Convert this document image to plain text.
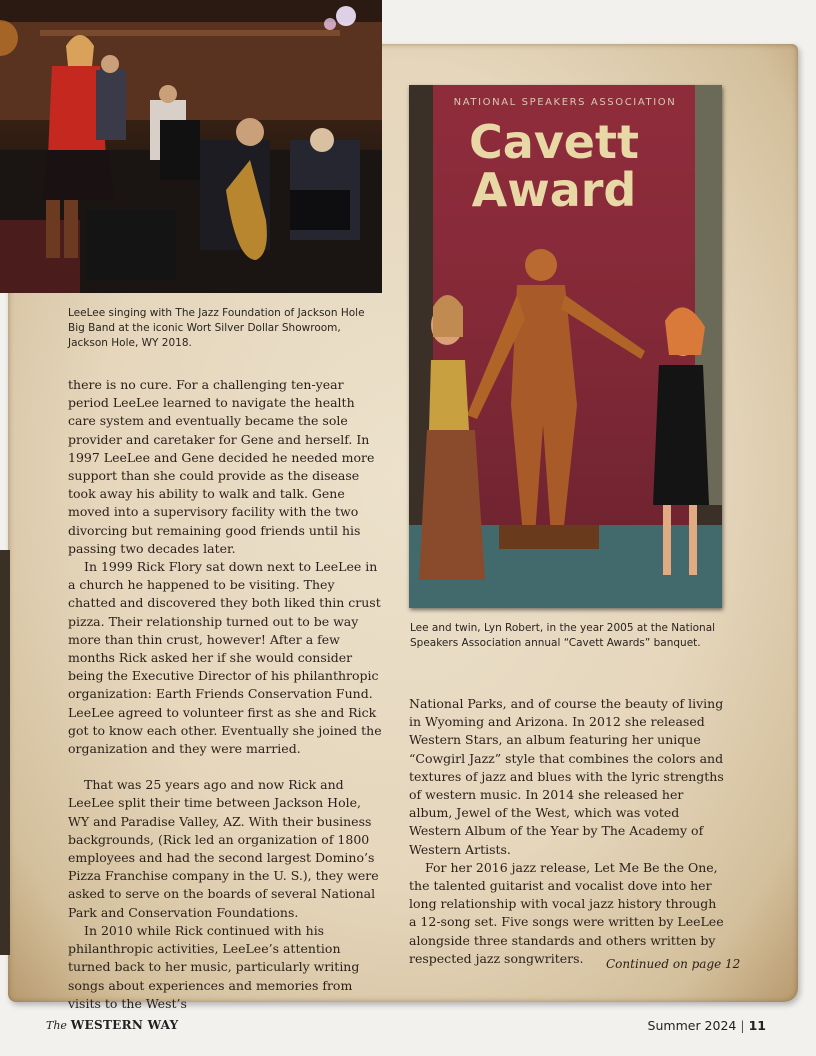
LeeLee singing with The Jazz Foundation of Jackson Hole Big Band at the iconic Wort Silver Dollar Showroom, Jackson Hole, WY 2018.
NATIONAL SPEAKERS ASSOCIATION
Cavett Award
Lee and twin, Lyn Robert, in the year 2005 at the National Speakers Association annual “Cavett Awards” banquet.

there is no cure. For a challenging ten-year period LeeLee learned to navigate the health care system and eventually became the sole provider and caretaker for Gene and herself. In 1997 LeeLee and Gene decided he needed more support than she could provide as the disease took away his ability to walk and talk. Gene moved into a supervisory facility with the two divorcing but remaining good friends until his passing two decades later.

In 1999 Rick Flory sat down next to LeeLee in a church he happened to be visiting. They chatted and discovered they both liked thin crust pizza. Their relationship turned out to be way more than thin crust, however! After a few months Rick asked her if she would consider being the Executive Director of his philanthropic organization: Earth Friends Conservation Fund. LeeLee agreed to volunteer first as she and Rick got to know each other. Eventually she joined the organization and they were married.

That was 25 years ago and now Rick and LeeLee split their time between Jackson Hole, WY and Paradise Valley, AZ. With their business backgrounds, (Rick led an organization of 1800 employees and had the second largest Domino’s Pizza Franchise company in the U. S.), they were asked to serve on the boards of several National Park and Conservation Foundations.

In 2010 while Rick continued with his philanthropic activities, LeeLee’s attention turned back to her music, particularly writing songs about experiences and memories from visits to the West’s

National Parks, and of course the beauty of living in Wyoming and Arizona. In 2012 she released Western Stars, an album featuring her unique “Cowgirl Jazz” style that combines the colors and textures of jazz and blues with the lyric strengths of western music. In 2014 she released her album, Jewel of the West, which was voted Western Album of the Year by The Academy of Western Artists.

For her 2016 jazz release, Let Me Be the One, the talented guitarist and vocalist dove into her long relationship with vocal jazz history through a 12-song set. Five songs were written by LeeLee alongside three standards and others written by respected jazz songwriters.	Continued on page 12
The WESTERN WAY	Summer 2024 | 11
